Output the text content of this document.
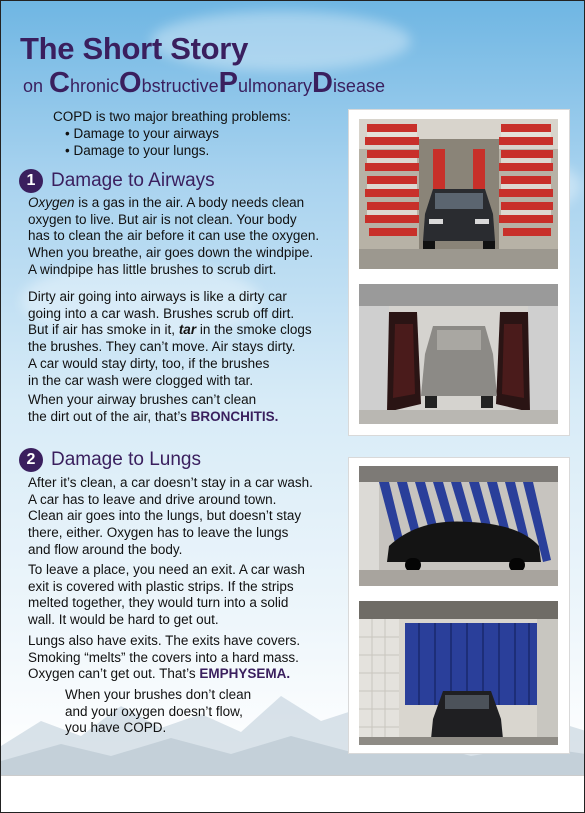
The Short Story
on ChronicObstructivePulmonaryDisease
COPD is two major breathing problems:
• Damage to your airways
• Damage to your lungs.
1 Damage to Airways

Oxygen is a gas in the air. A body needs clean

oxygen to live. But air is not clean. Your body

has to clean the air before it can use the oxygen.

When you breathe, air goes down the windpipe.

A windpipe has little brushes to scrub dirt.

Dirty air going into airways is like a dirty car

going into a car wash. Brushes scrub off dirt.

But if air has smoke in it, tar in the smoke clogs

the brushes. They can’t move. Air stays dirty.

A car would stay dirty, too, if the brushes

in the car wash were clogged with tar.

When your airway brushes can’t clean

the dirt out of the air, that’s BRONCHITIS.

2 Damage to Lungs

After it’s clean, a car doesn’t stay in a car wash.

A car has to leave and drive around town.

Clean air goes into the lungs, but doesn’t stay

there, either. Oxygen has to leave the lungs

and flow around the body.

To leave a place, you need an exit. A car wash

exit is covered with plastic strips. If the strips

melted together, they would turn into a solid

wall. It would be hard to get out.

Lungs also have exits. The exits have covers.

Smoking “melts” the covers into a hard mass.

Oxygen can’t get out. That’s EMPHYSEMA.

When your brushes don’t clean

and your oxygen doesn’t flow,

you have COPD.
